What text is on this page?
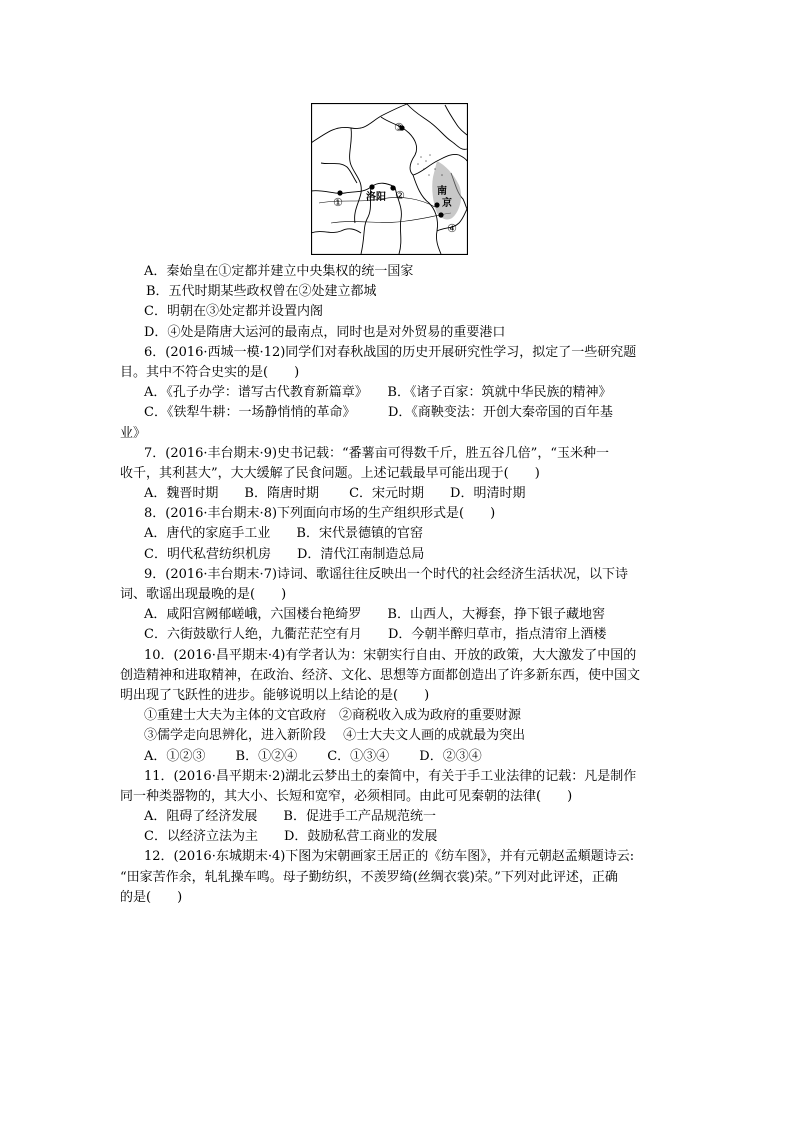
① 洛阳 ②
③
南
京
④
A．秦始皇在①定都并建立中央集权的统一国家
B．五代时期某些政权曾在②处建立都城
C．明朝在③处定都并设置内阁
D．④处是隋唐大运河的最南点，同时也是对外贸易的重要港口
6．(2016·西城一模·12)同学们对春秋战国的历史开展研究性学习，拟定了一些研究题
目。其中不符合史实的是(　　)
A．《孔子办学：谱写古代教育新篇章》　　B．《诸子百家：筑就中华民族的精神》
C．《铁犁牛耕：一场静悄悄的革命》　　　D．《商鞅变法：开创大秦帝国的百年基
业》
7．(2016·丰台期末·9)史书记载：“番薯亩可得数千斤，胜五谷几倍”，“玉米种一
收千，其利甚大”，大大缓解了民食问题。上述记载最早可能出现于(　　)
A．魏晋时期　　B．隋唐时期　　 C．宋元时期　　D．明清时期
8．(2016·丰台期末·8)下列面向市场的生产组织形式是(　　)
A．唐代的家庭手工业　　B．宋代景德镇的官窑
C．明代私营纺织机房　　D．清代江南制造总局
9．(2016·丰台期末·7)诗词、歌谣往往反映出一个时代的社会经济生活状况，以下诗
词、歌谣出现最晚的是(　　)
A．咸阳宫阙郁嵯峨，六国楼台艳绮罗　　B．山西人，大褥套，挣下银子藏地窖
C．六街鼓歇行人绝，九衢茫茫空有月　　D．今朝半醉归草市，指点清帘上酒楼
10．(2016·昌平期末·4)有学者认为：宋朝实行自由、开放的政策，大大激发了中国的
创造精神和进取精神，在政治、经济、文化、思想等方面都创造出了许多新东西，使中国文
明出现了飞跃性的进步。能够说明以上结论的是(　　)
①重建士大夫为主体的文官政府　②商税收入成为政府的重要财源
③儒学走向思辨化，进入新阶段　 ④士大夫文人画的成就最为突出
A．①②③　　 B．①②④　　 C．①③④　　 D．②③④
11．(2016·昌平期末·2)湖北云梦出土的秦简中，有关于手工业法律的记载：凡是制作
同一种类器物的，其大小、长短和宽窄，必须相同。由此可见秦朝的法律(　　)
A．阻碍了经济发展　　B．促进手工产品规范统一
C．以经济立法为主　　D．鼓励私营工商业的发展
12．(2016·东城期末·4)下图为宋朝画家王居正的《纺车图》，并有元朝赵孟頫题诗云:
“田家苦作余，轧轧操车鸣。母子勤纺织，不羡罗绮(丝绸衣裳)荣。”下列对此评述，正确
的是(　　)
